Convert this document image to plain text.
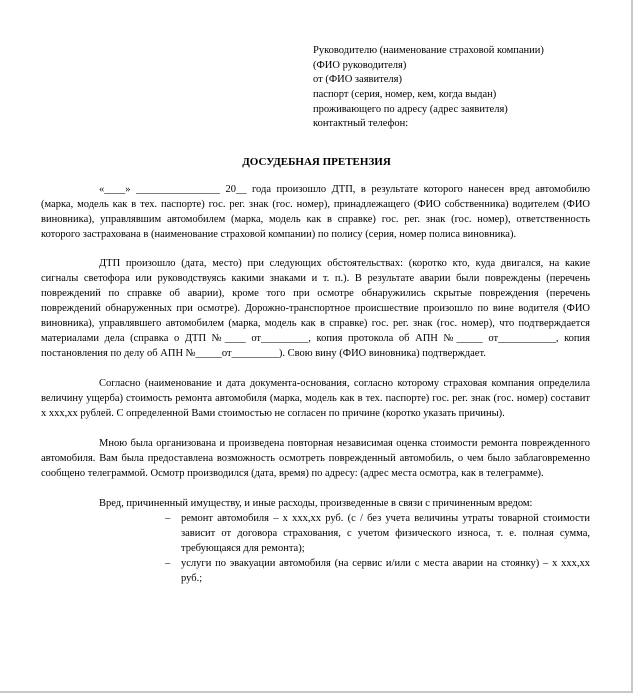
Руководителю (наименование страховой компании)
(ФИО руководителя)
от (ФИО заявителя)
паспорт (серия, номер, кем, когда выдан)
проживающего по адресу (адрес заявителя)
контактный телефон:
ДОСУДЕБНАЯ ПРЕТЕНЗИЯ

«____» ________________ 20__ года произошло ДТП, в результате которого нанесен вред автомобилю (марка, модель как в тех. паспорте) гос. рег. знак (гос. номер), принадлежащего (ФИО собственника) водителем (ФИО виновника), управлявшим автомобилем (марка, модель как в справке) гос. рег. знак (гос. номер), ответственность которого застрахована в (наименование страховой компании) по полису (серия, номер полиса виновника).

ДТП произошло (дата, место) при следующих обстоятельствах: (коротко кто, куда двигался, на какие сигналы светофора или руководствуясь какими знаками и т. п.). В результате аварии были повреждены (перечень повреждений по справке об аварии), кроме того при осмотре обнаружились скрытые повреждения (перечень повреждений обнаруженных при осмотре). Дорожно-транспортное происшествие произошло по вине водителя (ФИО виновника), управлявшего автомобилем (марка, модель как в справке) гос. рег. знак (гос. номер), что подтверждается материалами дела (справка о ДТП №____ от_________, копия протокола об АПН №_____ от___________, копия постановления по делу об АПН №_____от_________). Свою вину (ФИО виновника) подтверждает.

Согласно (наименование и дата документа-основания, согласно которому страховая компания определила величину ущерба) стоимость ремонта автомобиля (марка, модель как в тех. паспорте) гос. рег. знак (гос. номер) составит х ххх,хх рублей. С определенной Вами стоимостью не согласен по причине (коротко указать причины).

Мною была организована и произведена повторная независимая оценка стоимости ремонта поврежденного автомобиля. Вам была предоставлена возможность осмотреть поврежденный автомобиль, о чем было заблаговременно сообщено телеграммой. Осмотр производился (дата, время) по адресу: (адрес места осмотра, как в телеграмме).

Вред, причиненный имуществу, и иные расходы, произведенные в связи с причиненным вредом:

– ремонт автомобиля – х ххх,хх руб. (с / без учета величины утраты товарной стоимости зависит от договора страхования, с учетом физического износа, т. е. полная сумма, требующаяся для ремонта);
– услуги по эвакуации автомобиля (на сервис и/или с места аварии на стоянку) – х ххх,хх руб.;
